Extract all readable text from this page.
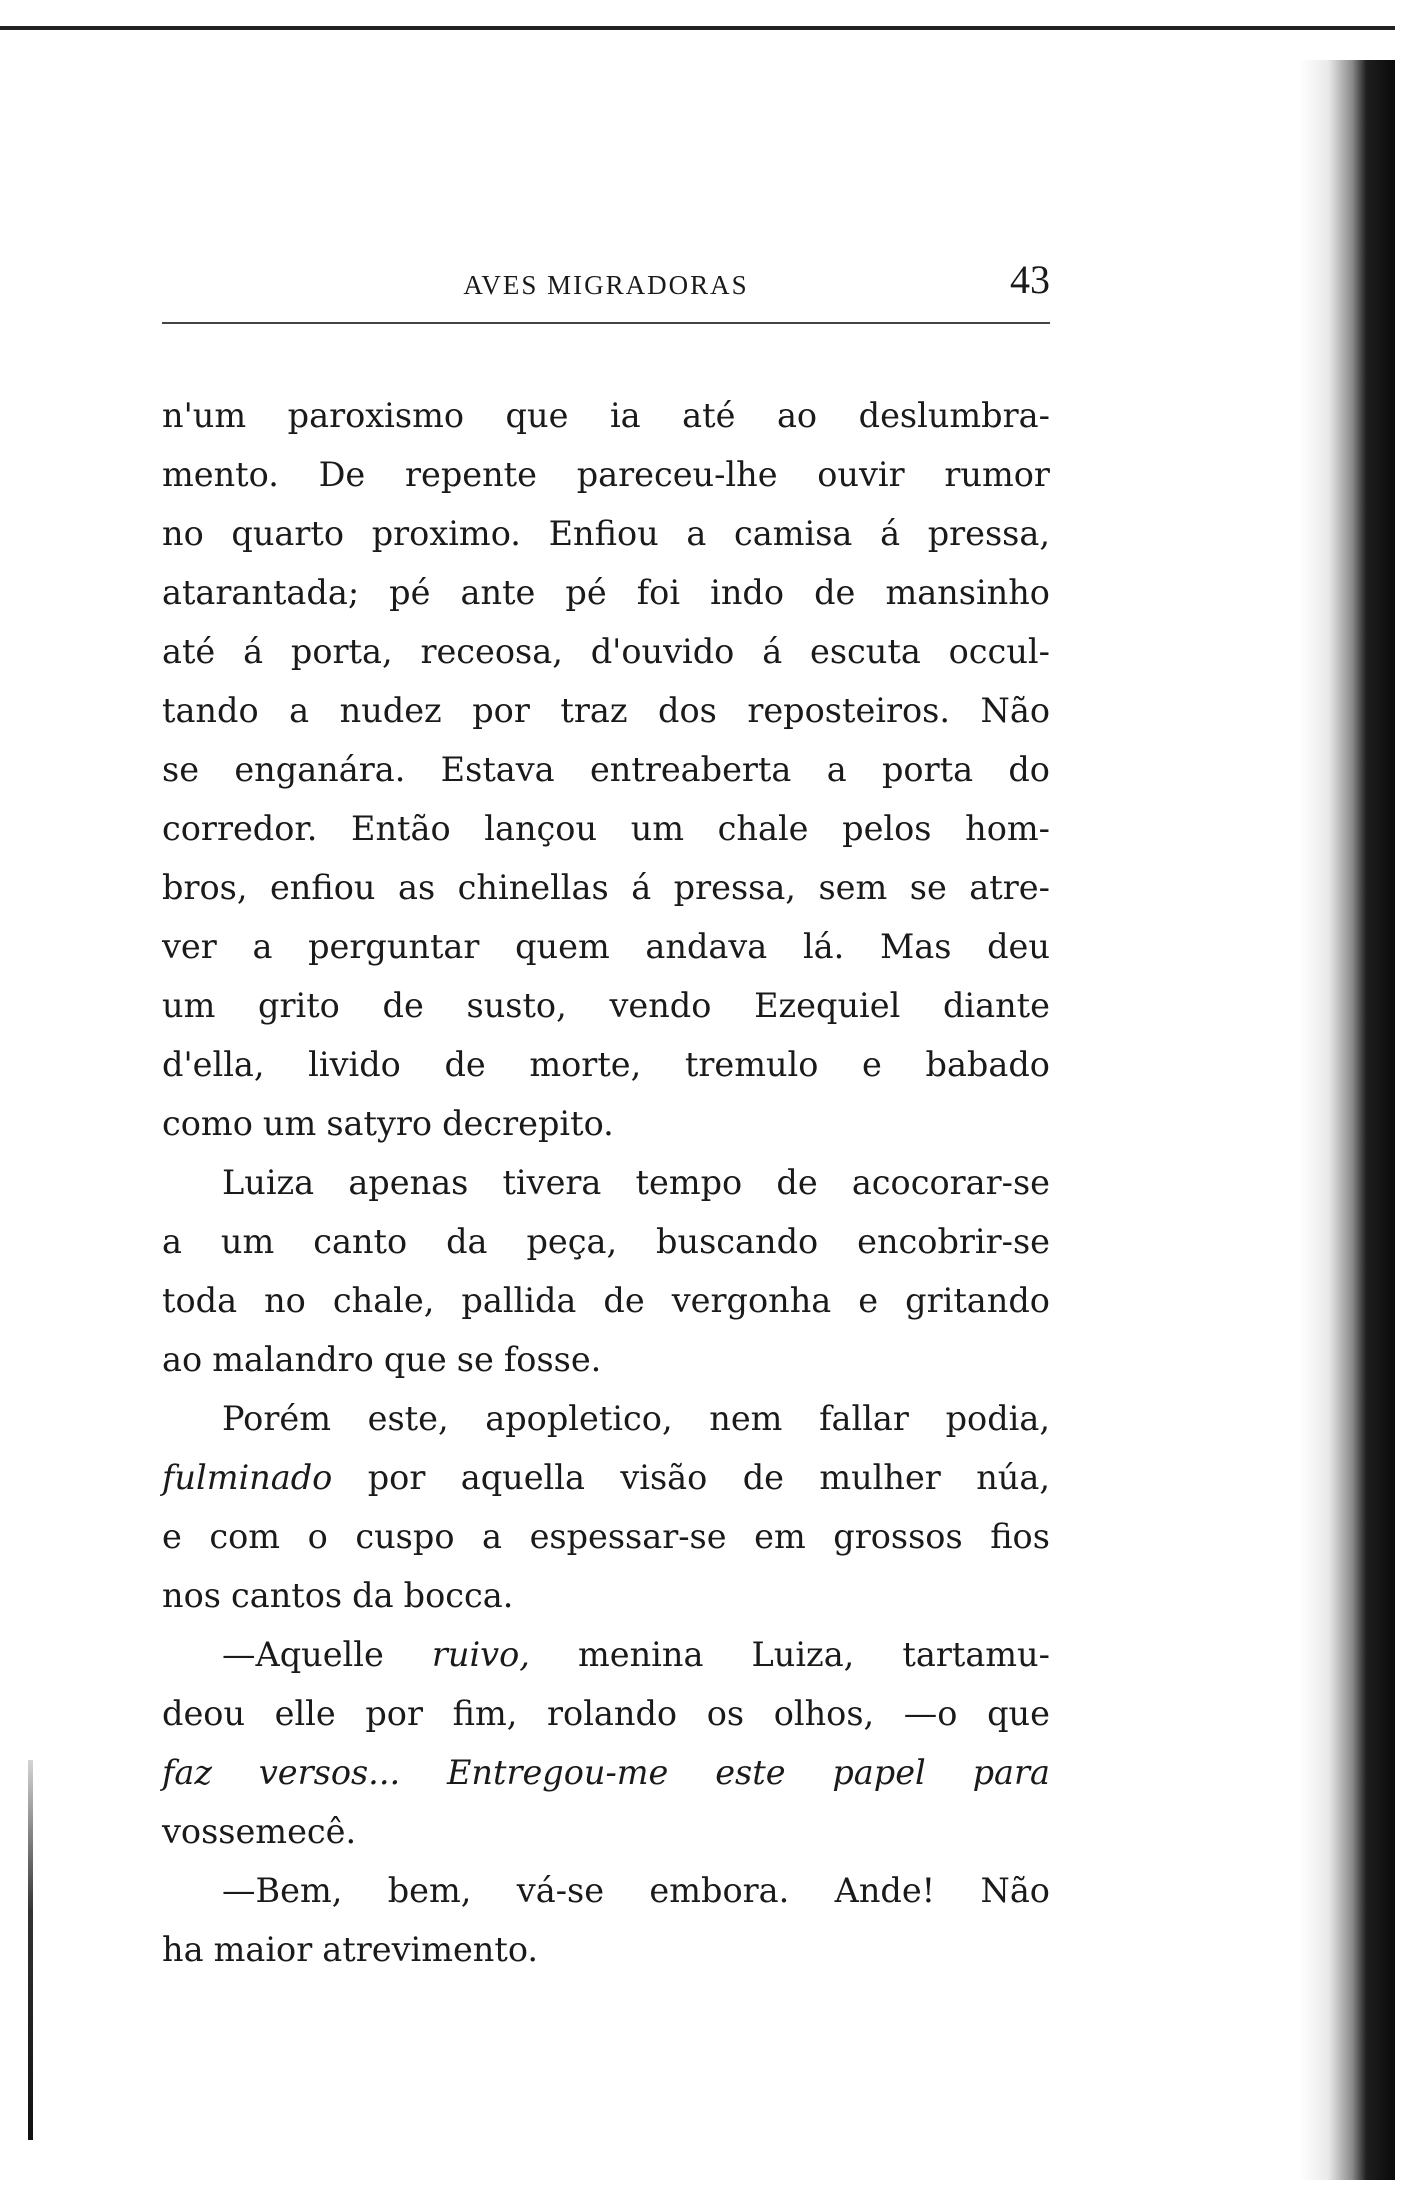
AVES MIGRADORAS	43
n'um paroxismo que ia até ao deslumbra-
mento. De repente pareceu-lhe ouvir rumor
no quarto proximo. Enfiou a camisa á pressa,
atarantada; pé ante pé foi indo de mansinho
até á porta, receosa, d'ouvido á escuta occul-
tando a nudez por traz dos reposteiros. Não
se enganára. Estava entreaberta a porta do
corredor. Então lançou um chale pelos hom-
bros, enfiou as chinellas á pressa, sem se atre-
ver a perguntar quem andava lá. Mas deu
um grito de susto, vendo Ezequiel diante
d'ella, livido de morte, tremulo e babado
como um satyro decrepito.
Luiza apenas tivera tempo de acocorar-se
a um canto da peça, buscando encobrir-se
toda no chale, pallida de vergonha e gritando
ao malandro que se fosse.
Porém este, apopletico, nem fallar podia,
fulminado por aquella visão de mulher núa,
e com o cuspo a espessar-se em grossos fios
nos cantos da bocca.
—Aquelle ruivo, menina Luiza, tartamu-
deou elle por fim, rolando os olhos, —o que
faz versos... Entregou-me este papel para
vossemecê.
—Bem, bem, vá-se embora. Ande! Não
ha maior atrevimento.
